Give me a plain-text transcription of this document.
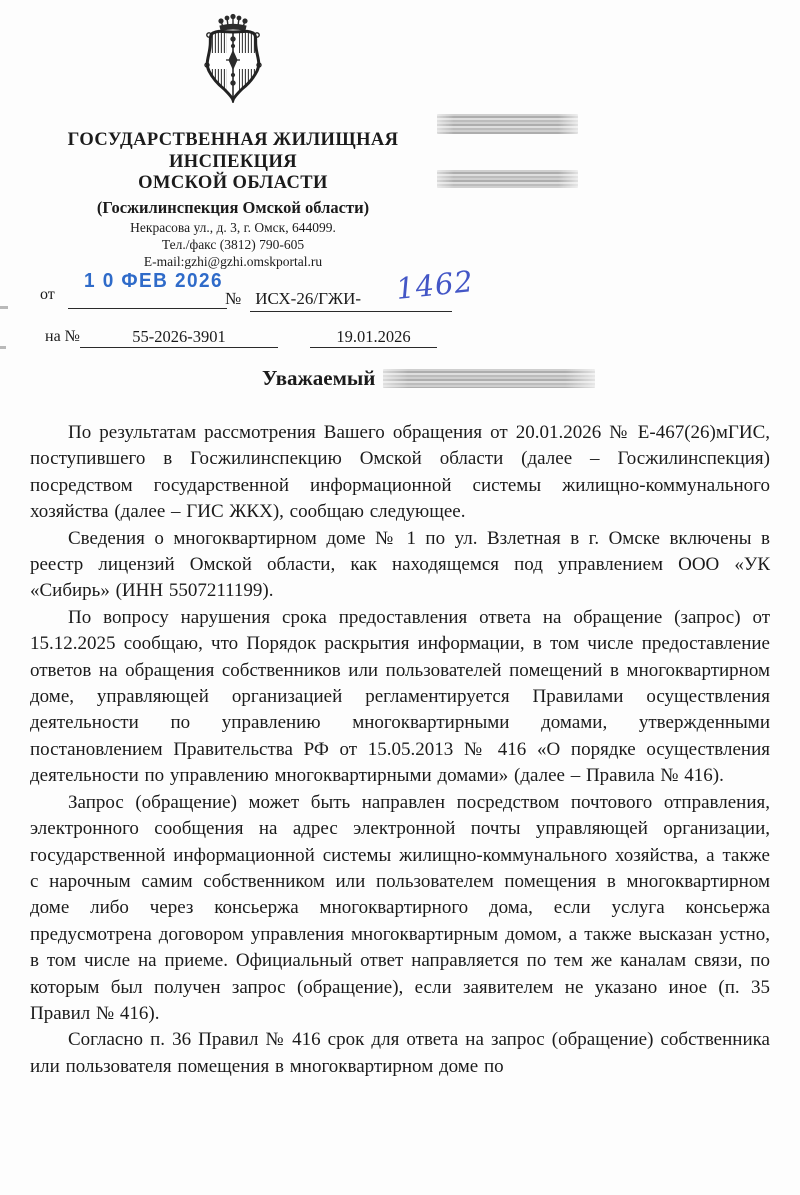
ГОСУДАРСТВЕННАЯ ЖИЛИЩНАЯ
ИНСПЕКЦИЯ
ОМСКОЙ ОБЛАСТИ
(Госжилинспекция Омской области)
Некрасова ул., д. 3, г. Омск, 644099.
Тел./факс (3812) 790-605
E-mail:gzhi@gzhi.omskportal.ru
от
1 0 ФЕВ 2026
№ ИСХ-26/ГЖИ- 1462
на №	55-2026-3901	19.01.2026
Уважаемый

По результатам рассмотрения Вашего обращения от 20.01.2026 № Е-467(26)мГИС, поступившего в Госжилинспекцию Омской области (далее – Госжилинспекция) посредством государственной информационной системы жилищно-коммунального хозяйства (далее – ГИС ЖКХ), сообщаю следующее.

Сведения о многоквартирном доме № 1 по ул. Взлетная в г. Омске включены в реестр лицензий Омской области, как находящемся под управлением ООО «УК «Сибирь» (ИНН 5507211199).

По вопросу нарушения срока предоставления ответа на обращение (запрос) от 15.12.2025 сообщаю, что Порядок раскрытия информации, в том числе предоставление ответов на обращения собственников или пользователей помещений в многоквартирном доме, управляющей организацией регламентируется Правилами осуществления деятельности по управлению многоквартирными домами, утвержденными постановлением Правительства РФ от 15.05.2013 № 416 «О порядке осуществления деятельности по управлению многоквартирными домами» (далее – Правила № 416).

Запрос (обращение) может быть направлен посредством почтового отправления, электронного сообщения на адрес электронной почты управляющей организации, государственной информационной системы жилищно-коммунального хозяйства, а также с нарочным самим собственником или пользователем помещения в многоквартирном доме либо через консьержа многоквартирного дома, если услуга консьержа предусмотрена договором управления многоквартирным домом, а также высказан устно, в том числе на приеме. Официальный ответ направляется по тем же каналам связи, по которым был получен запрос (обращение), если заявителем не указано иное (п. 35 Правил № 416).

Согласно п. 36 Правил № 416 срок для ответа на запрос (обращение) собственника или пользователя помещения в многоквартирном доме по
